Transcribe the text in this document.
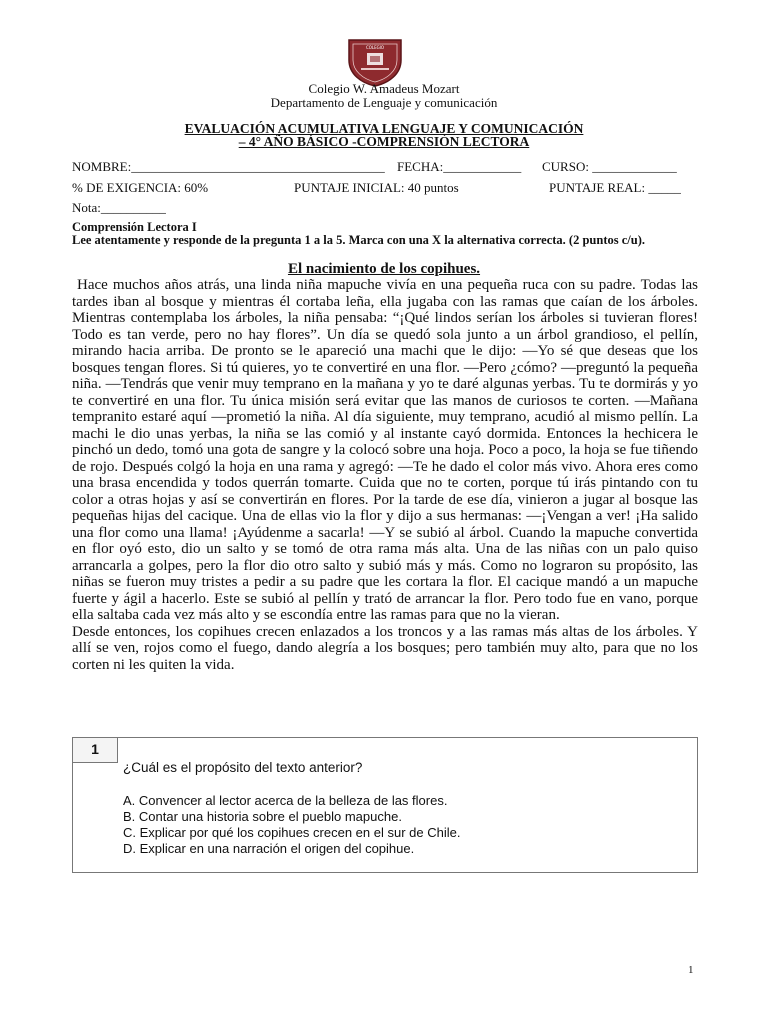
COLEGIO
Colegio W. Amadeus Mozart
Departamento de Lenguaje y comunicación
EVALUACIÓN ACUMULATIVA LENGUAJE Y COMUNICACIÓN
– 4° AÑO BÁSICO -COMPRENSIÓN LECTORA
NOMBRE:_______________________________________ FECHA:____________ CURSO: _____________
% DE EXIGENCIA: 60%	PUNTAJE INICIAL: 40 puntos	PUNTAJE REAL: _____
Nota:__________
Comprensión Lectora I
Lee atentamente y responde de la pregunta 1 a la 5. Marca con una X la alternativa correcta. (2 puntos c/u).
El nacimiento de los copihues.

Hace muchos años atrás, una linda niña mapuche vivía en una pequeña ruca con su padre. Todas las tardes iban al bosque y mientras él cortaba leña, ella jugaba con las ramas que caían de los árboles. Mientras contemplaba los árboles, la niña pensaba: “¡Qué lindos serían los árboles si tuvieran flores! Todo es tan verde, pero no hay flores”. Un día se quedó sola junto a un árbol grandioso, el pellín, mirando hacia arriba. De pronto se le apareció una machi que le dijo: —Yo sé que deseas que los bosques tengan flores. Si tú quieres, yo te convertiré en una flor. —Pero ¿cómo? —preguntó la pequeña niña. —Tendrás que venir muy temprano en la mañana y yo te daré algunas yerbas. Tu te dormirás y yo te convertiré en una flor. Tu única misión será evitar que las manos de curiosos te corten. —Mañana tempranito estaré aquí —prometió la niña. Al día siguiente, muy temprano, acudió al mismo pellín. La machi le dio unas yerbas, la niña se las comió y al instante cayó dormida. Entonces la hechicera le pinchó un dedo, tomó una gota de sangre y la colocó sobre una hoja. Poco a poco, la hoja se fue tiñendo de rojo. Después colgó la hoja en una rama y agregó: —Te he dado el color más vivo. Ahora eres como una brasa encendida y todos querrán tomarte. Cuida que no te corten, porque tú irás pintando con tu color a otras hojas y así se convertirán en flores. Por la tarde de ese día, vinieron a jugar al bosque las pequeñas hijas del cacique. Una de ellas vio la flor y dijo a sus hermanas: —¡Vengan a ver! ¡Ha salido una flor como una llama! ¡Ayúdenme a sacarla! —Y se subió al árbol. Cuando la mapuche convertida en flor oyó esto, dio un salto y se tomó de otra rama más alta. Una de las niñas con un palo quiso arrancarla a golpes, pero la flor dio otro salto y subió más y más. Como no lograron su propósito, las niñas se fueron muy tristes a pedir a su padre que les cortara la flor. El cacique mandó a un mapuche fuerte y ágil a hacerlo. Este se subió al pellín y trató de arrancar la flor. Pero todo fue en vano, porque ella saltaba cada vez más alto y se escondía entre las ramas para que no la vieran.

Desde entonces, los copihues crecen enlazados a los troncos y a las ramas más altas de los árboles. Y allí se ven, rojos como el fuego, dando alegría a los bosques; pero también muy alto, para que no los corten ni les quiten la vida.

1
¿Cuál es el propósito del texto anterior?
A. Convencer al lector acerca de la belleza de las flores.
B. Contar una historia sobre el pueblo mapuche.
C. Explicar por qué los copihues crecen en el sur de Chile.
D. Explicar en una narración el origen del copihue.
1
